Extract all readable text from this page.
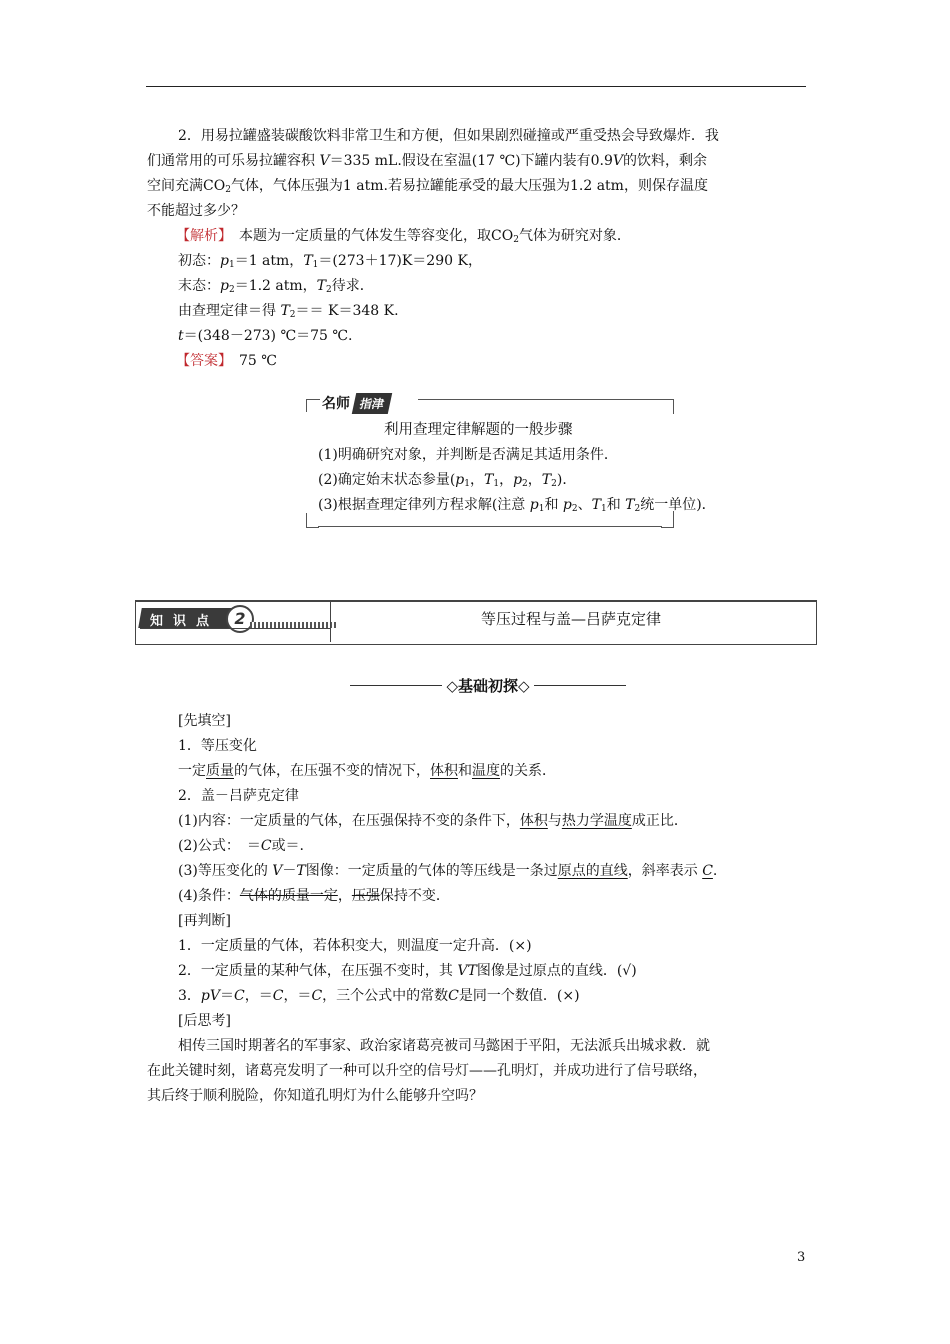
2．用易拉罐盛装碳酸饮料非常卫生和方便，但如果剧烈碰撞或严重受热会导致爆炸．我
们通常用的可乐易拉罐容积 V＝335 mL.假设在室温(17 ℃)下罐内装有0.9V的饮料，剩余
空间充满$CO_2$气体，气体压强为1 atm.若易拉罐能承受的最大压强为1.2 atm，则保存温度
不能超过多少？
【解析】　本题为一定质量的气体发生等容变化，取$CO_2$气体为研究对象．
初态：$p_1=1$ atm，$T_1=(273+17)K=290$ K，
末态：$p_2=1.2$ atm，$T_2$待求．
由查理定律＝得 $T_2== K=348$ K.
t＝(348－273) ℃＝75 ℃.
【答案】　75 ℃
名师 指津
利用查理定律解题的一般步骤
(1)明确研究对象，并判断是否满足其适用条件．
(2)确定始末状态参量($p_1$，$T_1$，$p_2$，$T_2$)．
(3)根据查理定律列方程求解(注意 $p_1$和 $p_2$、$T_1$和 $T_2$统一单位)．
知识点 2	等压过程与盖—吕萨克定律
◇基础初探◇
[先填空]
1．等压变化
一定质量的气体，在压强不变的情况下，体积和温度的关系．
2．盖－吕萨克定律
(1)内容：一定质量的气体，在压强保持不变的条件下，体积与热力学温度成正比．
(2)公式：　＝C或＝.
(3)等压变化的 V－T图像：一定质量的气体的等压线是一条过原点的直线，斜率表示 C.
(4)条件：气体的质量一定，压强保持不变．
[再判断]
1．一定质量的气体，若体积变大，则温度一定升高．(×)
2．一定质量的某种气体，在压强不变时，其 VT图像是过原点的直线．(√)
3．pV＝C，＝C，＝C，三个公式中的常数C是同一个数值．(×)
[后思考]
相传三国时期著名的军事家、政治家诸葛亮被司马懿困于平阳，无法派兵出城求救．就
在此关键时刻，诸葛亮发明了一种可以升空的信号灯——孔明灯，并成功进行了信号联络，
其后终于顺利脱险，你知道孔明灯为什么能够升空吗？
3
